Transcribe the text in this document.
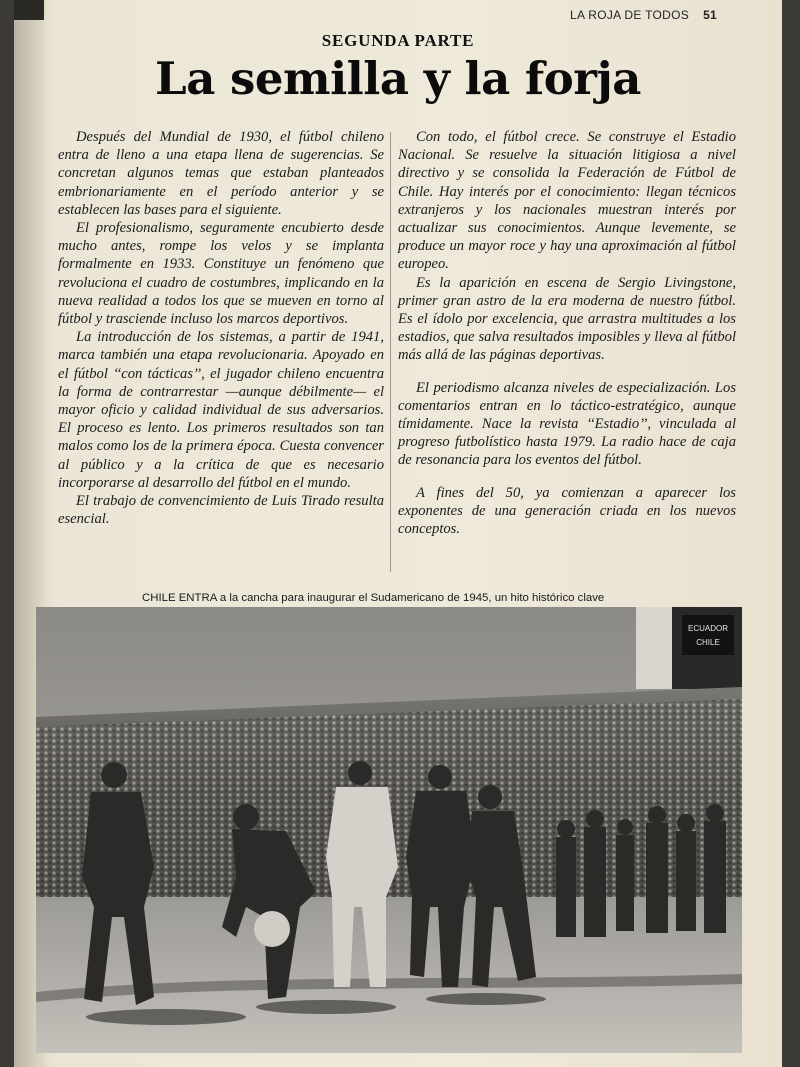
LA ROJA DE TODOS 51
SEGUNDA PARTE
La semilla y la forja

Después del Mundial de 1930, el fútbol chileno entra de lleno a una etapa llena de sugerencias. Se concretan algunos temas que estaban planteados embrionariamente en el período anterior y se establecen las bases para el siguiente.

El profesionalismo, seguramente encubierto desde mucho antes, rompe los velos y se implanta formalmente en 1933. Constituye un fenómeno que revoluciona el cuadro de costumbres, implicando en la nueva realidad a todos los que se mueven en torno al fútbol y trasciende incluso los marcos deportivos.

La introducción de los sistemas, a partir de 1941, marca también una etapa revolucionaria. Apoyado en el fútbol ‘‘con tácticas’’, el jugador chileno encuentra la forma de contrarrestar —aunque débilmente— el mayor oficio y calidad individual de sus adversarios. El proceso es lento. Los primeros resultados son tan malos como los de la primera época. Cuesta convencer al público y a la crítica de que es necesario incorporarse al desarrollo del fútbol en el mundo.

El trabajo de convencimiento de Luis Tirado resulta esencial.

Con todo, el fútbol crece. Se construye el Estadio Nacional. Se resuelve la situación litigiosa a nivel directivo y se consolida la Federación de Fútbol de Chile. Hay interés por el conocimiento: llegan técnicos extranjeros y los nacionales muestran interés por actualizar sus conocimientos. Aunque levemente, se produce un mayor roce y hay una aproximación al fútbol europeo.

Es la aparición en escena de Sergio Livingstone, primer gran astro de la era moderna de nuestro fútbol. Es el ídolo por excelencia, que arrastra multitudes a los estadios, que salva resultados imposibles y lleva al fútbol más allá de las páginas deportivas.

El periodismo alcanza niveles de especialización. Los comentarios entran en lo táctico-estratégico, aunque tímidamente. Nace la revista ‘‘Estadio’’, vinculada al progreso futbolístico hasta 1979. La radio hace de caja de resonancia para los eventos del fútbol.

A fines del 50, ya comienzan a aparecer los exponentes de una generación criada en los nuevos conceptos.

CHILE ENTRA a la cancha para inaugurar el Sudamericano de 1945, un hito histórico clave
ECUADOR
CHILE
